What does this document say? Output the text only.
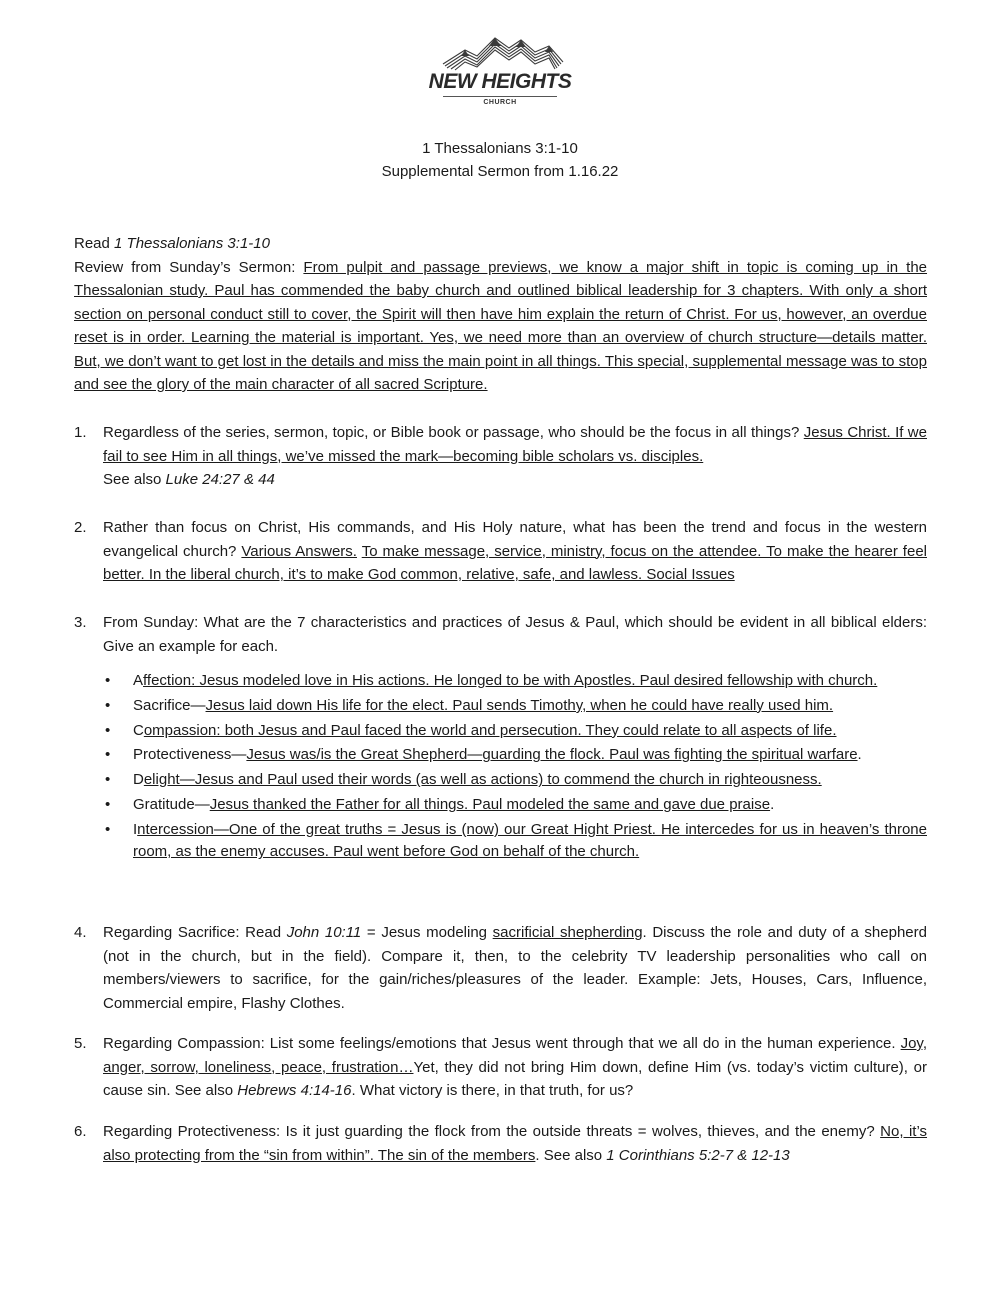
NEW HEIGHTS
CHURCH
1 Thessalonians 3:1-10
Supplemental Sermon from 1.16.22

Read 1 Thessalonians 3:1-10

Review from Sunday’s Sermon: From pulpit and passage previews, we know a major shift in topic is coming up in the Thessalonian study. Paul has commended the baby church and outlined biblical leadership for 3 chapters. With only a short section on personal conduct still to cover, the Spirit will then have him explain the return of Christ. For us, however, an overdue reset is in order. Learning the material is important. Yes, we need more than an overview of church structure—details matter. But, we don’t want to get lost in the details and miss the main point in all things. This special, supplemental message was to stop and see the glory of the main character of all sacred Scripture.

1. Regardless of the series, sermon, topic, or Bible book or passage, who should be the focus in all things? Jesus Christ. If we fail to see Him in all things, we’ve missed the mark—becoming bible scholars vs. disciples.
See also Luke 24:27 & 44
2. Rather than focus on Christ, His commands, and His Holy nature, what has been the trend and focus in the western evangelical church? Various Answers. To make message, service, ministry, focus on the attendee. To make the hearer feel better. In the liberal church, it’s to make God common, relative, safe, and lawless. Social Issues
3. From Sunday: What are the 7 characteristics and practices of Jesus & Paul, which should be evident in all biblical elders: Give an example for each.
• Affection: Jesus modeled love in His actions. He longed to be with Apostles. Paul desired fellowship with church.
• Sacrifice—Jesus laid down His life for the elect. Paul sends Timothy, when he could have really used him.
• Compassion: both Jesus and Paul faced the world and persecution. They could relate to all aspects of life.
• Protectiveness—Jesus was/is the Great Shepherd—guarding the flock. Paul was fighting the spiritual warfare.
• Delight—Jesus and Paul used their words (as well as actions) to commend the church in righteousness.
• Gratitude—Jesus thanked the Father for all things. Paul modeled the same and gave due praise.
• Intercession—One of the great truths = Jesus is (now) our Great Hight Priest. He intercedes for us in heaven’s throne room, as the enemy accuses. Paul went before God on behalf of the church.
4. Regarding Sacrifice: Read John 10:11 = Jesus modeling sacrificial shepherding. Discuss the role and duty of a shepherd (not in the church, but in the field). Compare it, then, to the celebrity TV leadership personalities who call on members/viewers to sacrifice, for the gain/riches/pleasures of the leader. Example: Jets, Houses, Cars, Influence, Commercial empire, Flashy Clothes.
5. Regarding Compassion: List some feelings/emotions that Jesus went through that we all do in the human experience. Joy, anger, sorrow, loneliness, peace, frustration…Yet, they did not bring Him down, define Him (vs. today’s victim culture), or cause sin. See also Hebrews 4:14-16. What victory is there, in that truth, for us?
6. Regarding Protectiveness: Is it just guarding the flock from the outside threats = wolves, thieves, and the enemy? No, it’s also protecting from the “sin from within”. The sin of the members. See also 1 Corinthians 5:2-7 & 12-13
